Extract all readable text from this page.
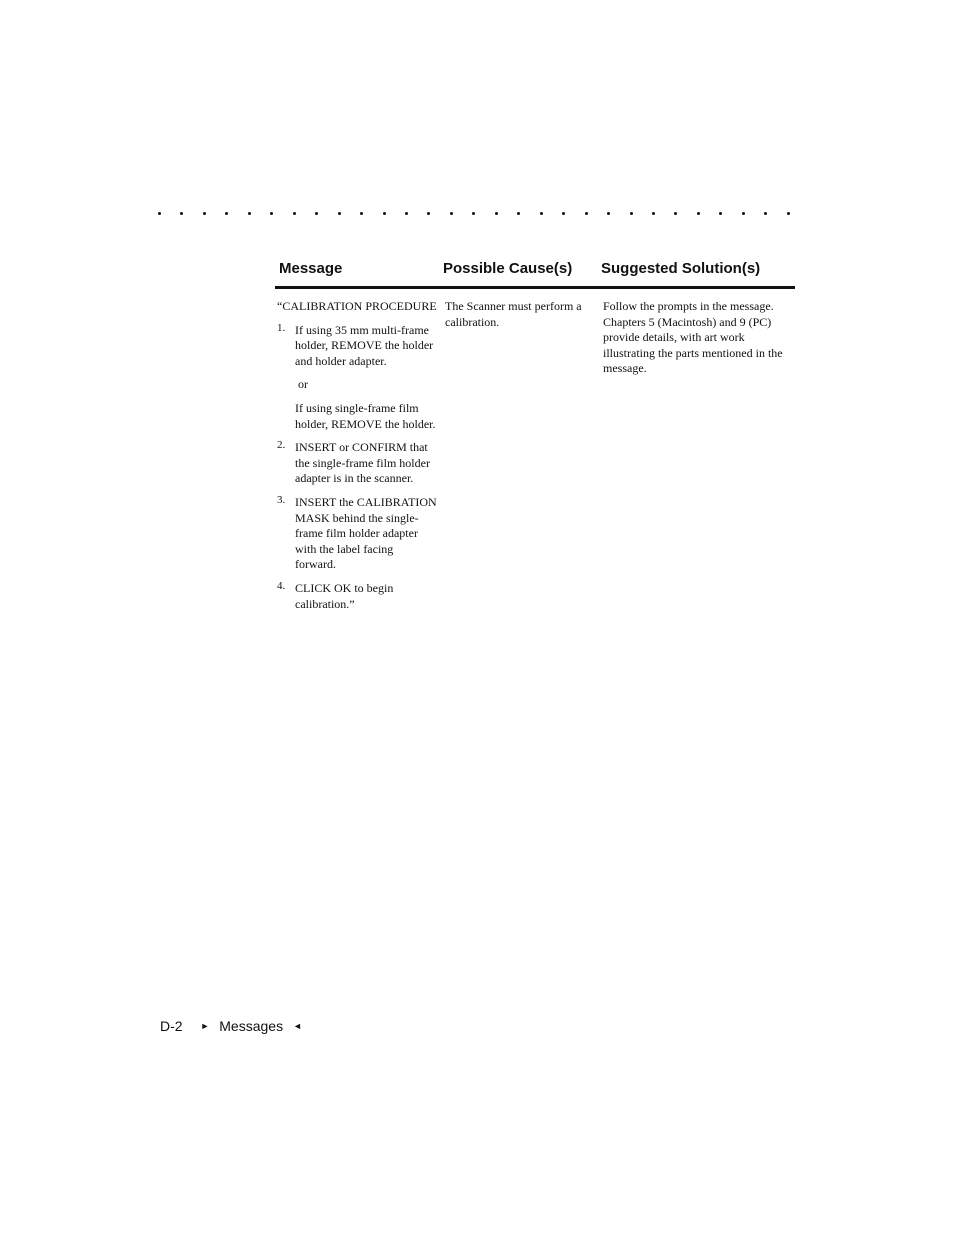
Message	Possible Cause(s) Suggested Solution(s)
“CALIBRATION PROCEDURE
1. If using 35 mm multi-frame holder, REMOVE the holder and holder adapter.
or
If using single-frame film holder, REMOVE the holder.
2. INSERT or CONFIRM that the single-frame film holder adapter is in the scanner.
3. INSERT the CALIBRATION MASK behind the single-frame film holder adapter with the label facing forward.
4. CLICK OK to begin calibration.”
The Scanner must perform a calibration.
Follow the prompts in the message. Chapters 5 (Macintosh) and 9 (PC) provide details, with art work illustrating the parts mentioned in the message.
D-2 ► Messages ◄
